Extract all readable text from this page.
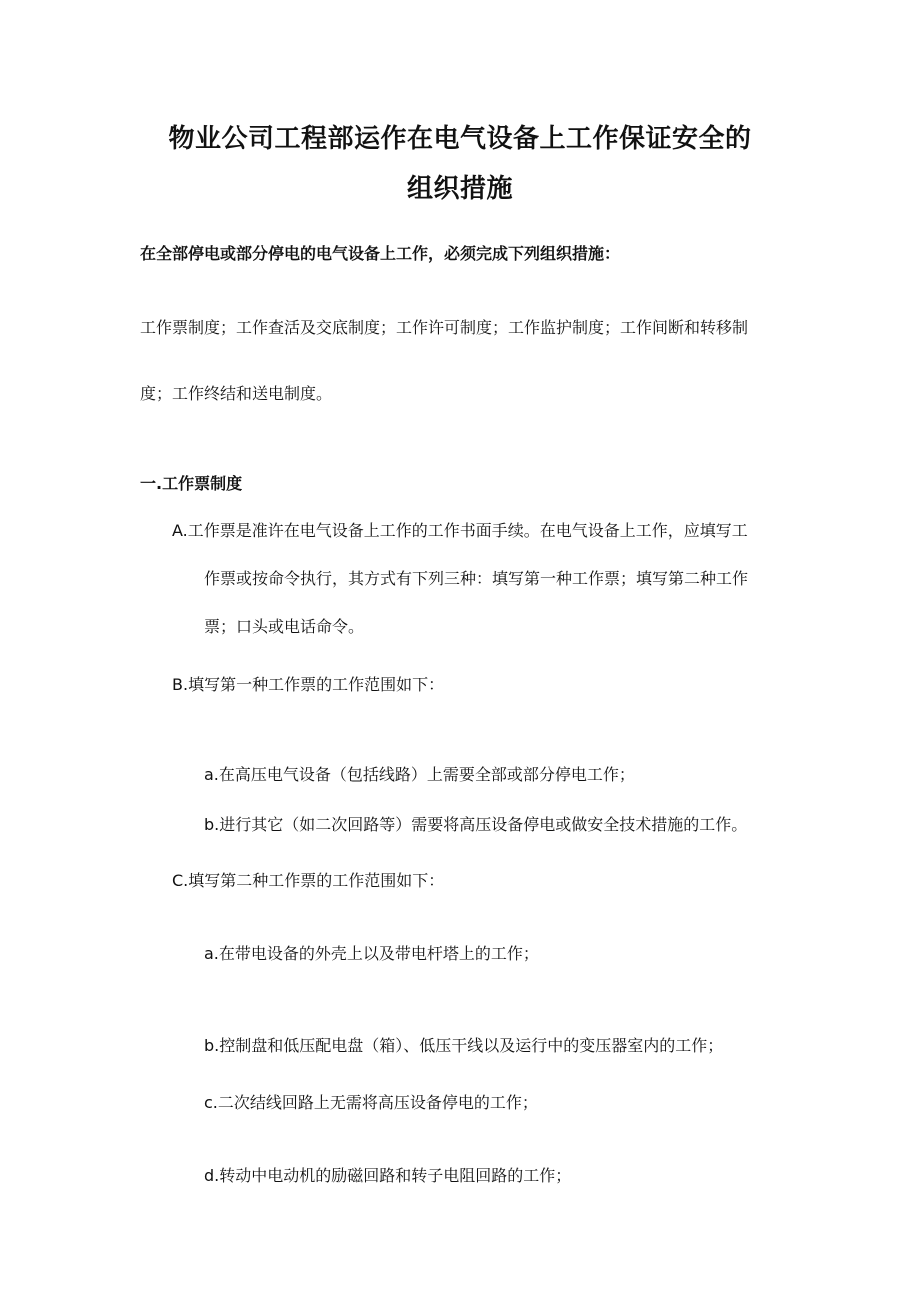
物业公司工程部运作在电气设备上工作保证安全的
组织措施

在全部停电或部分停电的电气设备上工作，必须完成下列组织措施：

工作票制度；工作查活及交底制度；工作许可制度；工作监护制度；工作间断和转移制

度；工作终结和送电制度。

一.工作票制度

A.工作票是准许在电气设备上工作的工作书面手续。在电气设备上工作，应填写工

作票或按命令执行，其方式有下列三种：填写第一种工作票；填写第二种工作

票；口头或电话命令。

B.填写第一种工作票的工作范围如下：

a.在高压电气设备（包括线路）上需要全部或部分停电工作；

b.进行其它（如二次回路等）需要将高压设备停电或做安全技术措施的工作。

C.填写第二种工作票的工作范围如下：

a.在带电设备的外壳上以及带电杆塔上的工作；

b.控制盘和低压配电盘（箱）、低压干线以及运行中的变压器室内的工作；

c.二次结线回路上无需将高压设备停电的工作；

d.转动中电动机的励磁回路和转子电阻回路的工作；
